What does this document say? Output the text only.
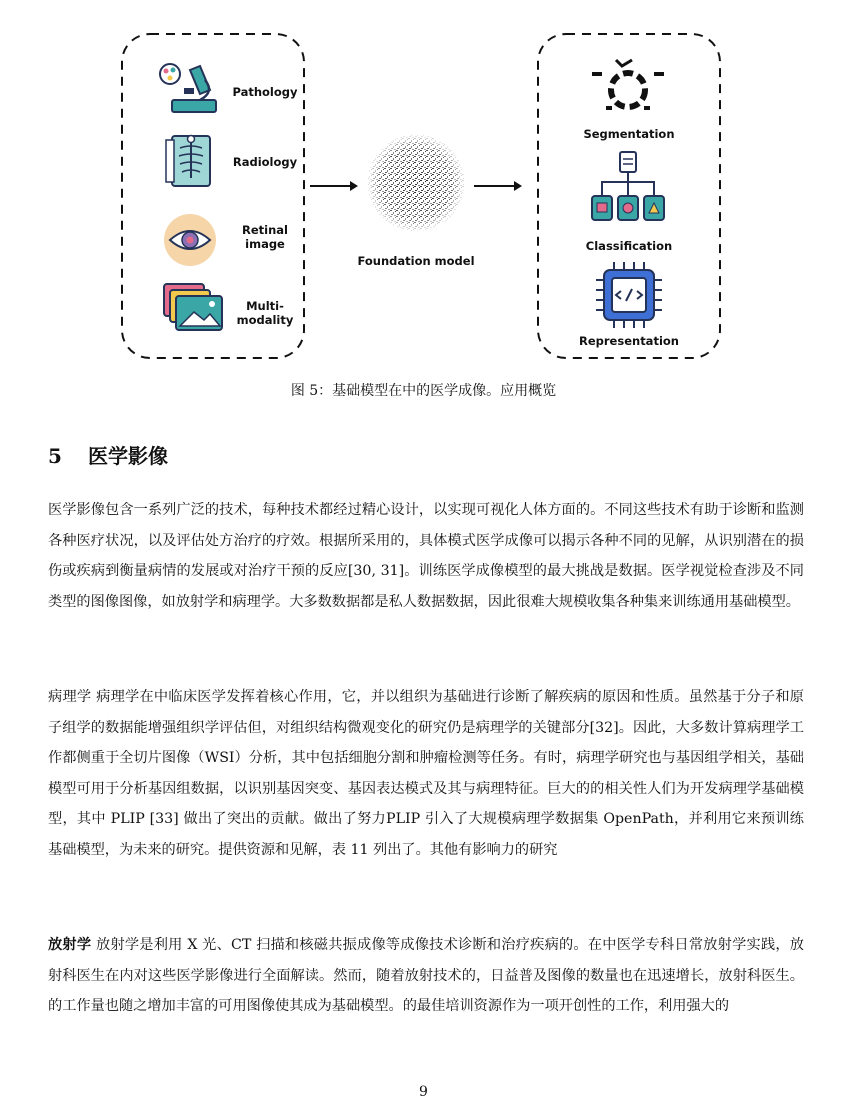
Pathology
Radiology
Retinal
image
Multi-
modality
Foundation model
Segmentation
Classification
Representation
图 5：基础模型在中的医学成像。应用概览
5 医学影像

医学影像包含一系列广泛的技术，每种技术都经过精心设计，以实现可视化人体方面的。不同这些技术有助于诊断和监测各种医疗状况，以及评估处方治疗的疗效。根据所采用的，具体模式医学成像可以揭示各种不同的见解，从识别潜在的损伤或疾病到衡量病情的发展或对治疗干预的反应[30, 31]。训练医学成像模型的最大挑战是数据。医学视觉检查涉及不同类型的图像图像，如放射学和病理学。大多数数据都是私人数据数据，因此很难大规模收集各种集来训练通用基础模型。

病理学 病理学在中临床医学发挥着核心作用，它，并以组织为基础进行诊断了解疾病的原因和性质。虽然基于分子和原子组学的数据能增强组织学评估但，对组织结构微观变化的研究仍是病理学的关键部分[32]。因此，大多数计算病理学工作都侧重于全切片图像（WSI）分析，其中包括细胞分割和肿瘤检测等任务。有时，病理学研究也与基因组学相关，基础模型可用于分析基因组数据，以识别基因突变、基因表达模式及其与病理特征。巨大的的相关性人们为开发病理学基础模型，其中 PLIP [33] 做出了突出的贡献。做出了努力PLIP 引入了大规模病理学数据集 OpenPath，并利用它来预训练基础模型，为未来的研究。提供资源和见解，表 11 列出了。其他有影响力的研究

放射学 放射学是利用 X 光、CT 扫描和核磁共振成像等成像技术诊断和治疗疾病的。在中医学专科日常放射学实践，放射科医生在内对这些医学影像进行全面解读。然而，随着放射技术的，日益普及图像的数量也在迅速增长，放射科医生。的工作量也随之增加丰富的可用图像使其成为基础模型。的最佳培训资源作为一项开创性的工作，利用强大的

9
